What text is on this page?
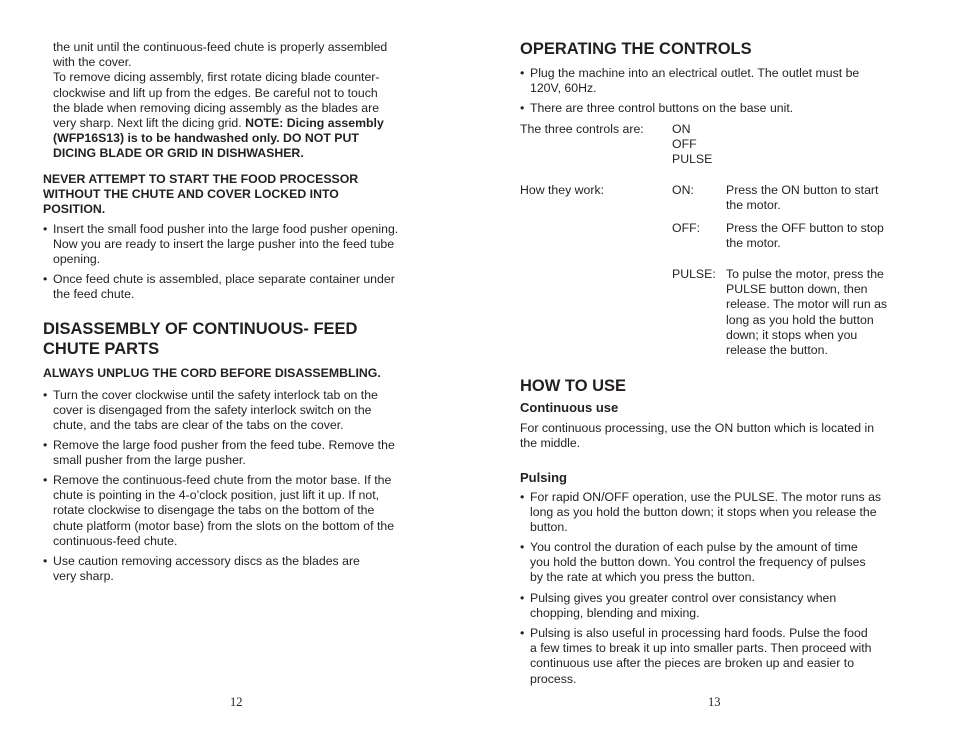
the unit until the continuous-feed chute is properly assembled

with the cover.

To remove dicing assembly, first rotate dicing blade counter-

clockwise and lift up from the edges. Be careful not to touch

the blade when removing dicing assembly as the blades are

very sharp. Next lift the dicing grid. NOTE: Dicing assembly

(WFP16S13) is to be handwashed only. DO NOT PUT

DICING BLADE OR GRID IN DISHWASHER.

NEVER ATTEMPT TO START THE FOOD PROCESSOR

WITHOUT THE CHUTE AND COVER LOCKED INTO

POSITION.

• Insert the small food pusher into the large food pusher opening.

Now you are ready to insert the large pusher into the feed tube

opening.

• Once feed chute is assembled, place separate container under

the feed chute.

DISASSEMBLY OF CONTINUOUS- FEED
CHUTE PARTS

ALWAYS UNPLUG THE CORD BEFORE DISASSEMBLING.

• Turn the cover clockwise until the safety interlock tab on the

cover is disengaged from the safety interlock switch on the

chute, and the tabs are clear of the tabs on the cover.

• Remove the large food pusher from the feed tube. Remove the

small pusher from the large pusher.

• Remove the continuous-feed chute from the motor base. If the

chute is pointing in the 4-o’clock position, just lift it up. If not,

rotate clockwise to disengage the tabs on the bottom of the

chute platform (motor base) from the slots on the bottom of the

continuous-feed chute.

• Use caution removing accessory discs as the blades are

very sharp.

12
OPERATING THE CONTROLS

• Plug the machine into an electrical outlet. The outlet must be

120V, 60Hz.

• There are three control buttons on the base unit.

The three controls are: ON

OFF

PULSE

How they work:	ON:	Press the ON button to start

the motor.

OFF: Press the OFF button to stop

the motor.

PULSE: To pulse the motor, press the

PULSE button down, then

release. The motor will run as

long as you hold the button

down; it stops when you

release the button.

HOW TO USE
Continuous use

For continuous processing, use the ON button which is located in

the middle.

Pulsing

• For rapid ON/OFF operation, use the PULSE. The motor runs as

long as you hold the button down; it stops when you release the

button.

• You control the duration of each pulse by the amount of time

you hold the button down. You control the frequency of pulses

by the rate at which you press the button.

• Pulsing gives you greater control over consistancy when

chopping, blending and mixing.

• Pulsing is also useful in processing hard foods. Pulse the food

a few times to break it up into smaller parts. Then proceed with

continuous use after the pieces are broken up and easier to

process.

13
